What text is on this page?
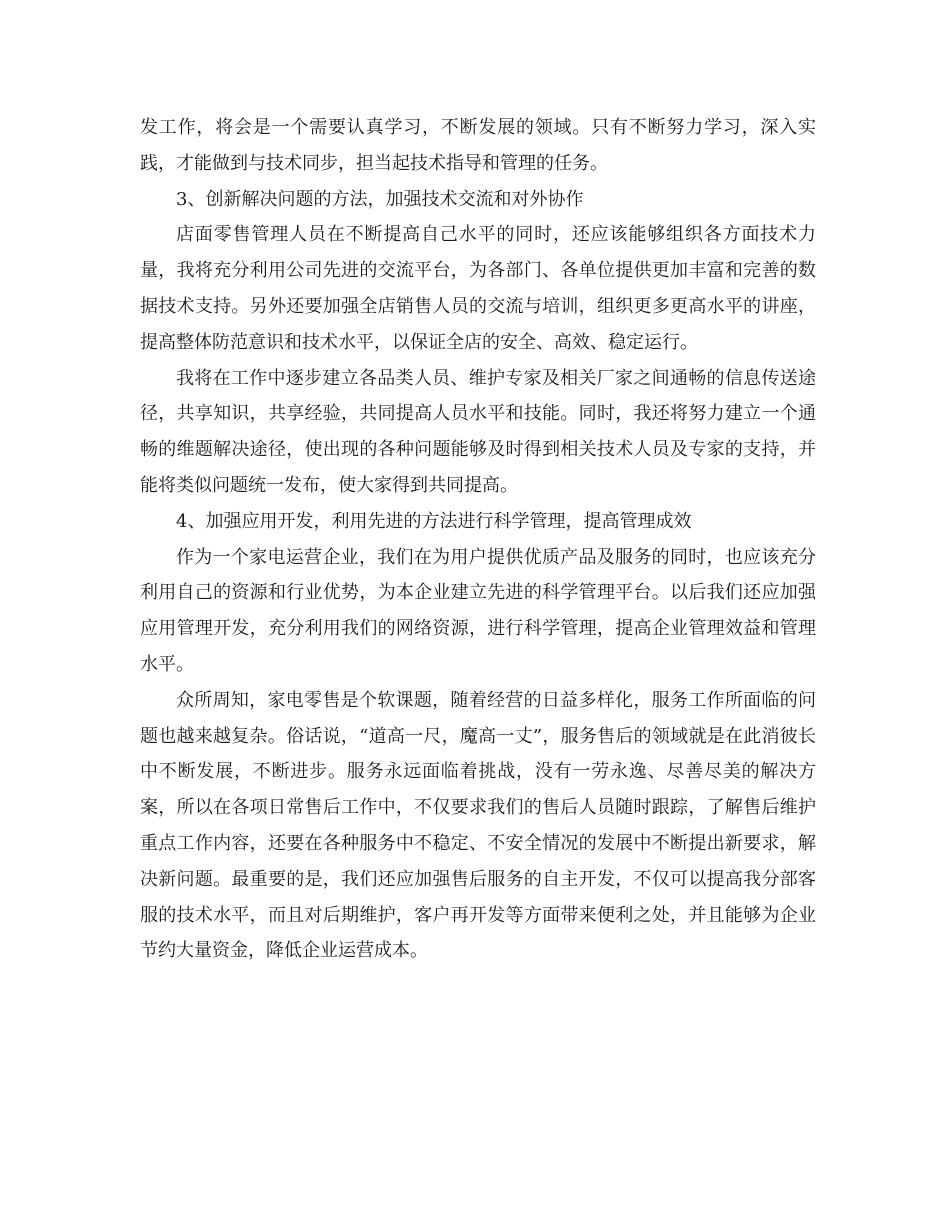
发工作，将会是一个需要认真学习，不断发展的领域。只有不断努力学习，深入实践，才能做到与技术同步，担当起技术指导和管理的任务。

3、创新解决问题的方法，加强技术交流和对外协作

店面零售管理人员在不断提高自己水平的同时，还应该能够组织各方面技术力量，我将充分利用公司先进的交流平台，为各部门、各单位提供更加丰富和完善的数据技术支持。另外还要加强全店销售人员的交流与培训，组织更多更高水平的讲座，提高整体防范意识和技术水平，以保证全店的安全、高效、稳定运行。

我将在工作中逐步建立各品类人员、维护专家及相关厂家之间通畅的信息传送途径，共享知识，共享经验，共同提高人员水平和技能。同时，我还将努力建立一个通畅的维题解决途径，使出现的各种问题能够及时得到相关技术人员及专家的支持，并能将类似问题统一发布，使大家得到共同提高。

4、加强应用开发，利用先进的方法进行科学管理，提高管理成效

作为一个家电运营企业，我们在为用户提供优质产品及服务的同时，也应该充分利用自己的资源和行业优势，为本企业建立先进的科学管理平台。以后我们还应加强应用管理开发，充分利用我们的网络资源，进行科学管理，提高企业管理效益和管理水平。

众所周知，家电零售是个软课题，随着经营的日益多样化，服务工作所面临的问题也越来越复杂。俗话说，“道高一尺，魔高一丈”，服务售后的领域就是在此消彼长中不断发展，不断进步。服务永远面临着挑战，没有一劳永逸、尽善尽美的解决方案，所以在各项日常售后工作中，不仅要求我们的售后人员随时跟踪，了解售后维护重点工作内容，还要在各种服务中不稳定、不安全情况的发展中不断提出新要求，解决新问题。最重要的是，我们还应加强售后服务的自主开发，不仅可以提高我分部客服的技术水平，而且对后期维护，客户再开发等方面带来便利之处，并且能够为企业节约大量资金，降低企业运营成本。
